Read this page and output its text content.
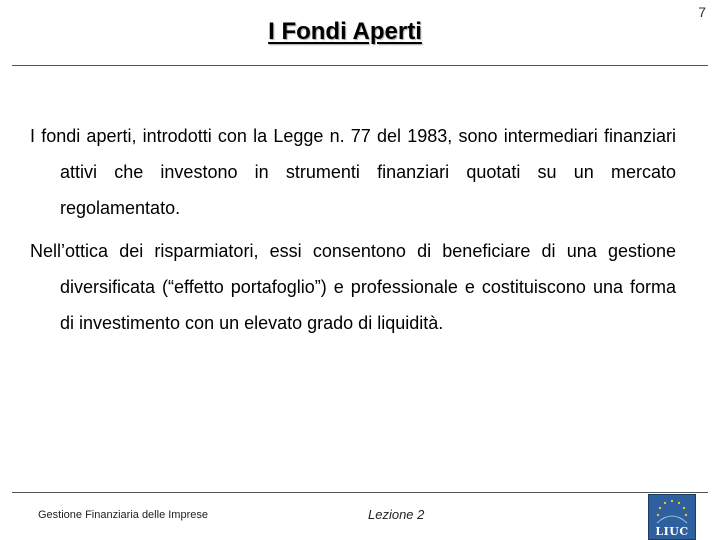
7
I Fondi Aperti

I fondi aperti, introdotti con la Legge n. 77 del 1983, sono intermediari finanziari attivi che investono in strumenti finanziari quotati su un mercato regolamentato.

Nell’ottica dei risparmiatori, essi consentono di beneficiare di una gestione diversificata (“effetto portafoglio”) e professionale e costituiscono una forma di investimento con un elevato grado di liquidità.

Gestione Finanziaria delle Imprese	Lezione 2
LIUC
